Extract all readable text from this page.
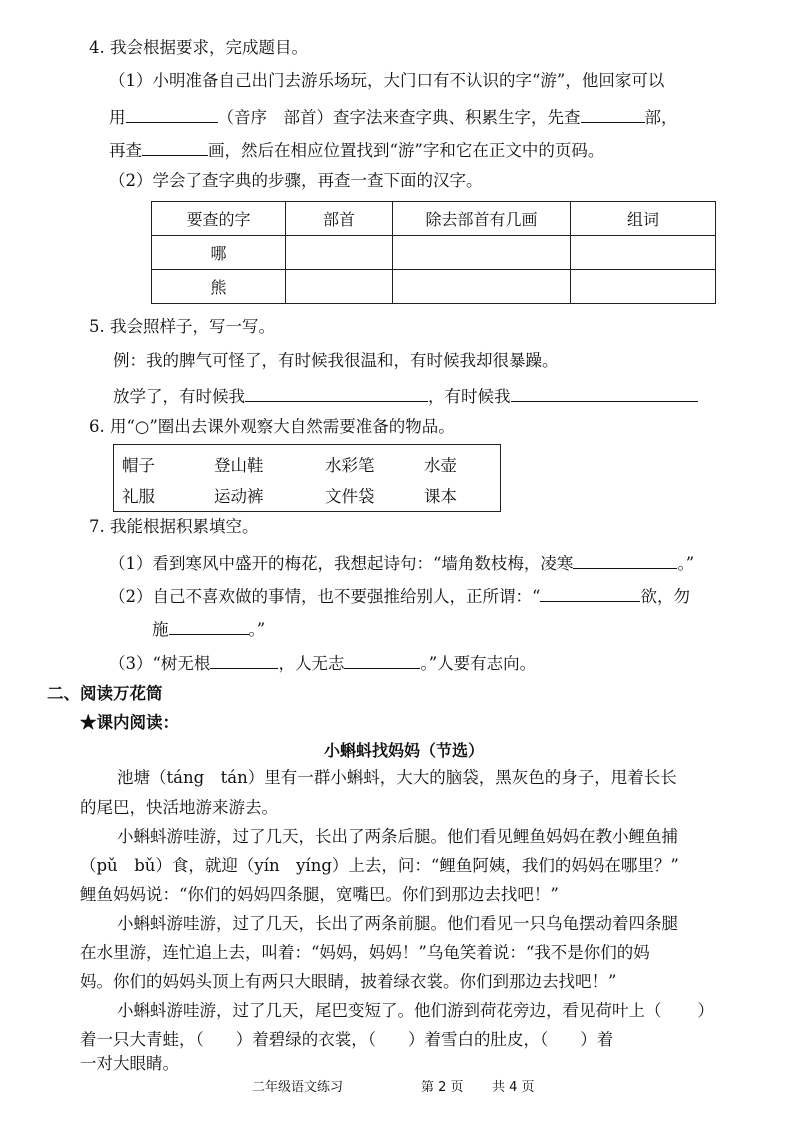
4. 我会根据要求，完成题目。
（1）小明准备自己出门去游乐场玩，大门口有不认识的字“游”，他回家可以
用	（音序　部首）查字法来查字典、积累生字，先查	部，
再查	画，然后在相应位置找到“游”字和它在正文中的页码。
（2）学会了查字典的步骤，再查一查下面的汉字。
要查的字	部首	除去部首有几画	组词
哪			
熊			
5. 我会照样子，写一写。
例：我的脾气可怪了，有时候我很温和，有时候我却很暴躁。
放学了，有时候我	，有时候我
6. 用“○”圈出去课外观察大自然需要准备的物品。
帽子	登山鞋	水彩笔	水壶
礼服	运动裤	文件袋	课本
7. 我能根据积累填空。
（1）看到寒风中盛开的梅花，我想起诗句：“墙角数枝梅，凌寒	。”
（2）自己不喜欢做的事情，也不要强推给别人，正所谓：“	欲，勿
施	。”
（3）“树无根	，人无志	。”人要有志向。
二、阅读万花筒
★课内阅读：
小蝌蚪找妈妈（节选）
池塘（táng　tán）里有一群小蝌蚪，大大的脑袋，黑灰色的身子，甩着长长
的尾巴，快活地游来游去。
小蝌蚪游哇游，过了几天，长出了两条后腿。他们看见鲤鱼妈妈在教小鲤鱼捕
（pǔ　bǔ）食，就迎（yín　yíng）上去，问：“鲤鱼阿姨，我们的妈妈在哪里？”
鲤鱼妈妈说：“你们的妈妈四条腿，宽嘴巴。你们到那边去找吧！”
小蝌蚪游哇游，过了几天，长出了两条前腿。他们看见一只乌龟摆动着四条腿
在水里游，连忙追上去，叫着：“妈妈，妈妈！”乌龟笑着说：“我不是你们的妈
妈。你们的妈妈头顶上有两只大眼睛，披着绿衣裳。你们到那边去找吧！”
小蝌蚪游哇游，过了几天，尾巴变短了。他们游到荷花旁边，看见荷叶上（ ）
着一只大青蛙，（ ）着碧绿的衣裳，（ ）着雪白的肚皮，（ ）着
一对大眼睛。
二年级语文练习	第 2 页 共 4 页
